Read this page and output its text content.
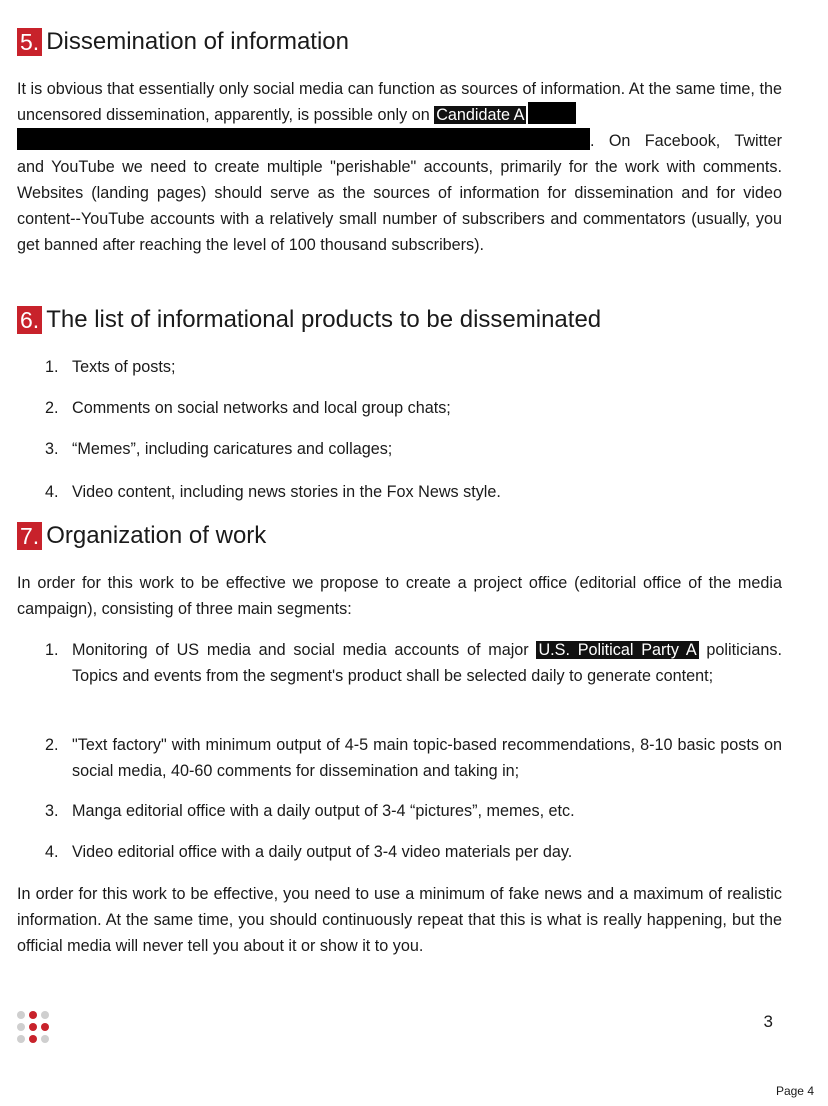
5. Dissemination of information

It is obvious that essentially only social media can function as sources of information. At the same time, the uncensored dissemination, apparently, is possible only on Candidate A
. On Facebook, Twitter and YouTube we need to create multiple "perishable" accounts, primarily for the work with comments. Websites (landing pages) should serve as the sources of information for dissemination and for video content--YouTube accounts with a relatively small number of subscribers and commentators (usually, you get banned after reaching the level of 100 thousand subscribers).

6. The list of informational products to be disseminated
1. Texts of posts;
2. Comments on social networks and local group chats;
3. “Memes”, including caricatures and collages;
4. Video content, including news stories in the Fox News style.
7. Organization of work

In order for this work to be effective we propose to create a project office (editorial office of the media campaign), consisting of three main segments:

1. Monitoring of US media and social media accounts of major U.S. Political Party A politicians. Topics and events from the segment's product shall be selected daily to generate content;
2. "Text factory" with minimum output of 4-5 main topic-based recommendations, 8-10 basic posts on social media, 40-60 comments for dissemination and taking in;
3. Manga editorial office with a daily output of 3-4 “pictures”, memes, etc.
4. Video editorial office with a daily output of 3-4 video materials per day.

In order for this work to be effective, you need to use a minimum of fake news and a maximum of realistic information. At the same time, you should continuously repeat that this is what is really happening, but the official media will never tell you about it or show it to you.

3
Page 4
